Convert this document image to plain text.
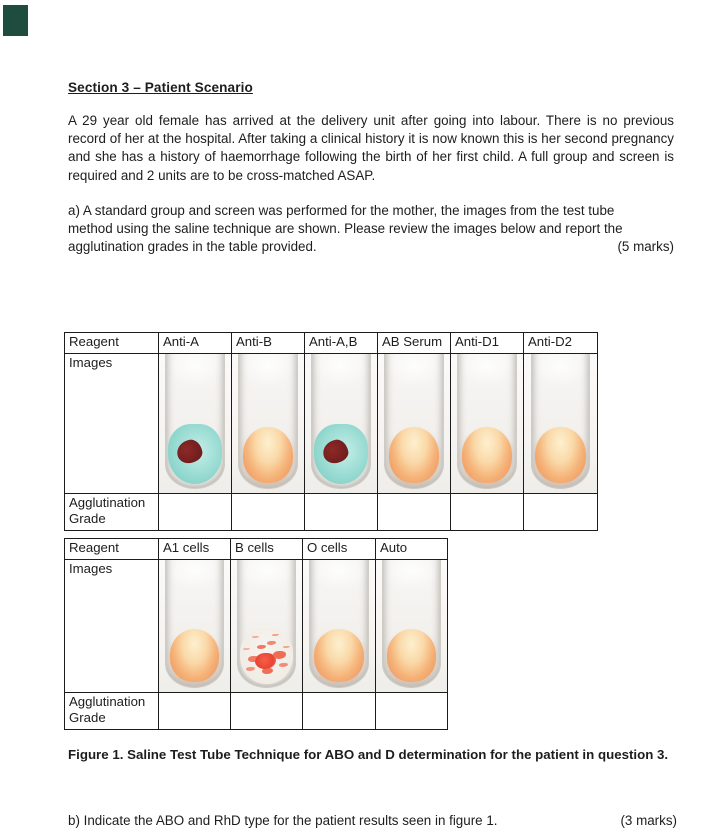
Section 3 – Patient Scenario
A 29 year old female has arrived at the delivery unit after going into labour. There is no previous record of her at the hospital. After taking a clinical history it is now known this is her second pregnancy and she has a history of haemorrhage following the birth of her first child. A full group and screen is required and 2 units are to be cross-matched ASAP.
a) A standard group and screen was performed for the mother, the images from the test tube method using the saline technique are shown. Please review the images below and report the agglutination grades in the table provided.	(5 marks)
Reagent	Anti-A	Anti-B	Anti-A,B	AB Serum	Anti-D1	Anti-D2
Images	

Agglutination Grade						
Reagent	A1 cells	B cells	O cells	Auto
Images	

Agglutination Grade				
Figure 1. Saline Test Tube Technique for ABO and D determination for the patient in question 3.
b) Indicate the ABO and RhD type for the patient results seen in figure 1.	(3 marks)
